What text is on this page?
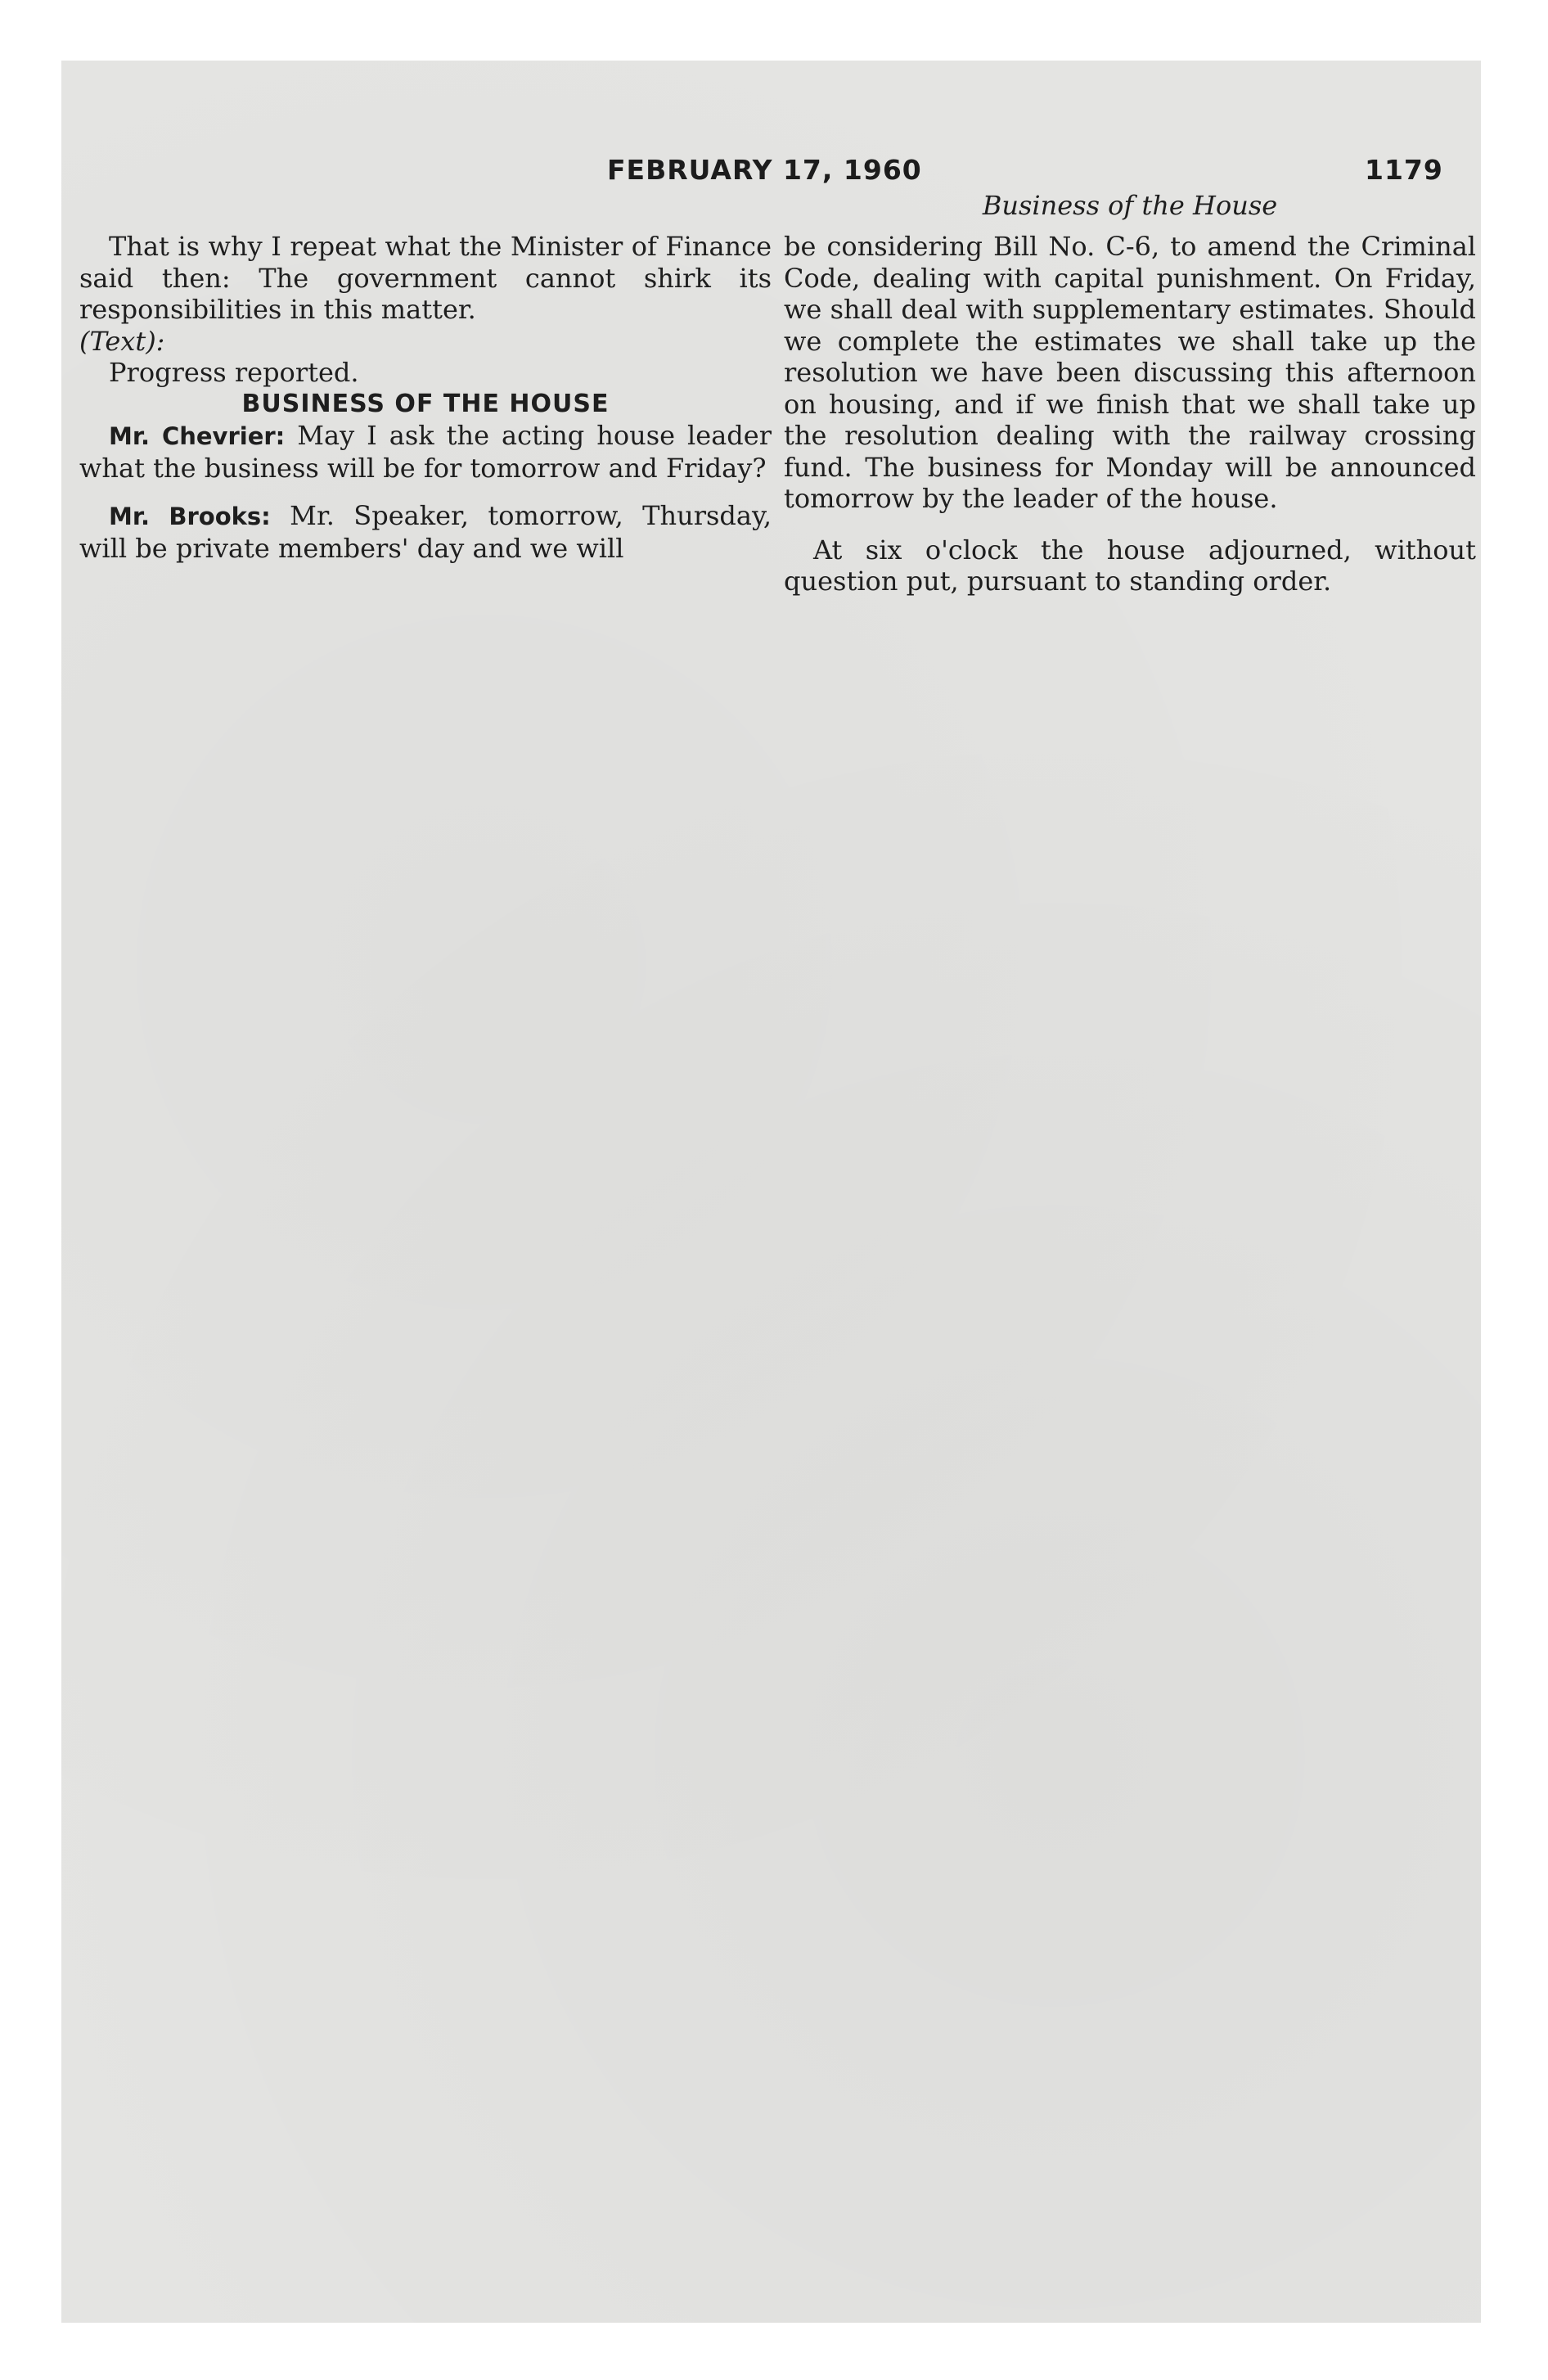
FEBRUARY 17, 1960	1179
Business of the House

That is why I repeat what the Minister of Finance said then: The government cannot shirk its responsibilities in this matter.

(Text):

Progress reported.

BUSINESS OF THE HOUSE

Mr. Chevrier: May I ask the acting house leader what the business will be for tomorrow and Friday?

Mr. Brooks: Mr. Speaker, tomorrow, Thursday, will be private members' day and we will

be considering Bill No. C-6, to amend the Criminal Code, dealing with capital punishment. On Friday, we shall deal with supplementary estimates. Should we complete the estimates we shall take up the resolution we have been discussing this afternoon on housing, and if we finish that we shall take up the resolution dealing with the railway crossing fund. The business for Monday will be announced tomorrow by the leader of the house.

At six o'clock the house adjourned, without question put, pursuant to standing order.
